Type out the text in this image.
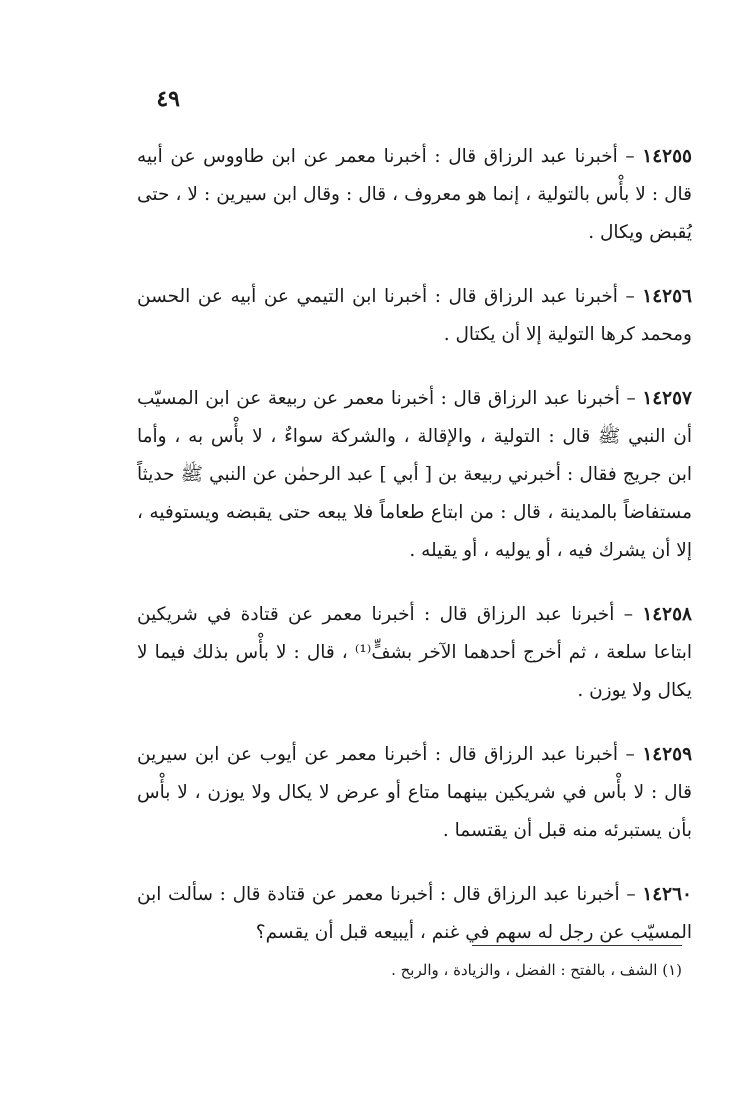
٤٩

١٤٢٥٥ – أخبرنا عبد الرزاق قال : أخبرنا معمر عن ابن طاووس عن أبيه قال : لا بأْس بالتولية ، إنما هو معروف ، قال : وقال ابن سيرين : لا ، حتى يُقبض ويكال .

١٤٢٥٦ – أخبرنا عبد الرزاق قال : أخبرنا ابن التيمي عن أبيه عن الحسن ومحمد كرها التولية إلا أن يكتال .

١٤٢٥٧ – أخبرنا عبد الرزاق قال : أخبرنا معمر عن ربيعة عن ابن المسيّب أن النبي ﷺ قال : التولية ، والإقالة ، والشركة سواءٌ ، لا بأْس به ، وأما ابن جريج فقال : أخبرني ربيعة بن [ أبي ] عبد الرحمٰن عن النبي ﷺ حديثاً مستفاضاً بالمدينة ، قال : من ابتاع طعاماً فلا يبعه حتى يقبضه ويستوفيه ، إلا أن يشرك فيه ، أو يوليه ، أو يقيله .

١٤٢٥٨ – أخبرنا عبد الرزاق قال : أخبرنا معمر عن قتادة في شريكين ابتاعا سلعة ، ثم أخرج أحدهما الآخر بشفٍّ⁽¹⁾ ، قال : لا بأْس بذلك فيما لا يكال ولا يوزن .

١٤٢٥٩ – أخبرنا عبد الرزاق قال : أخبرنا معمر عن أيوب عن ابن سيرين قال : لا بأْس في شريكين بينهما متاع أو عرض لا يكال ولا يوزن ، لا بأْس بأن يستبرئه منه قبل أن يقتسما .

١٤٢٦٠ – أخبرنا عبد الرزاق قال : أخبرنا معمر عن قتادة قال : سألت ابن المسيّب عن رجل له سهم في غنم ، أيبيعه قبل أن يقسم؟

(١) الشف ، بالفتح : الفضل ، والزيادة ، والربح .
